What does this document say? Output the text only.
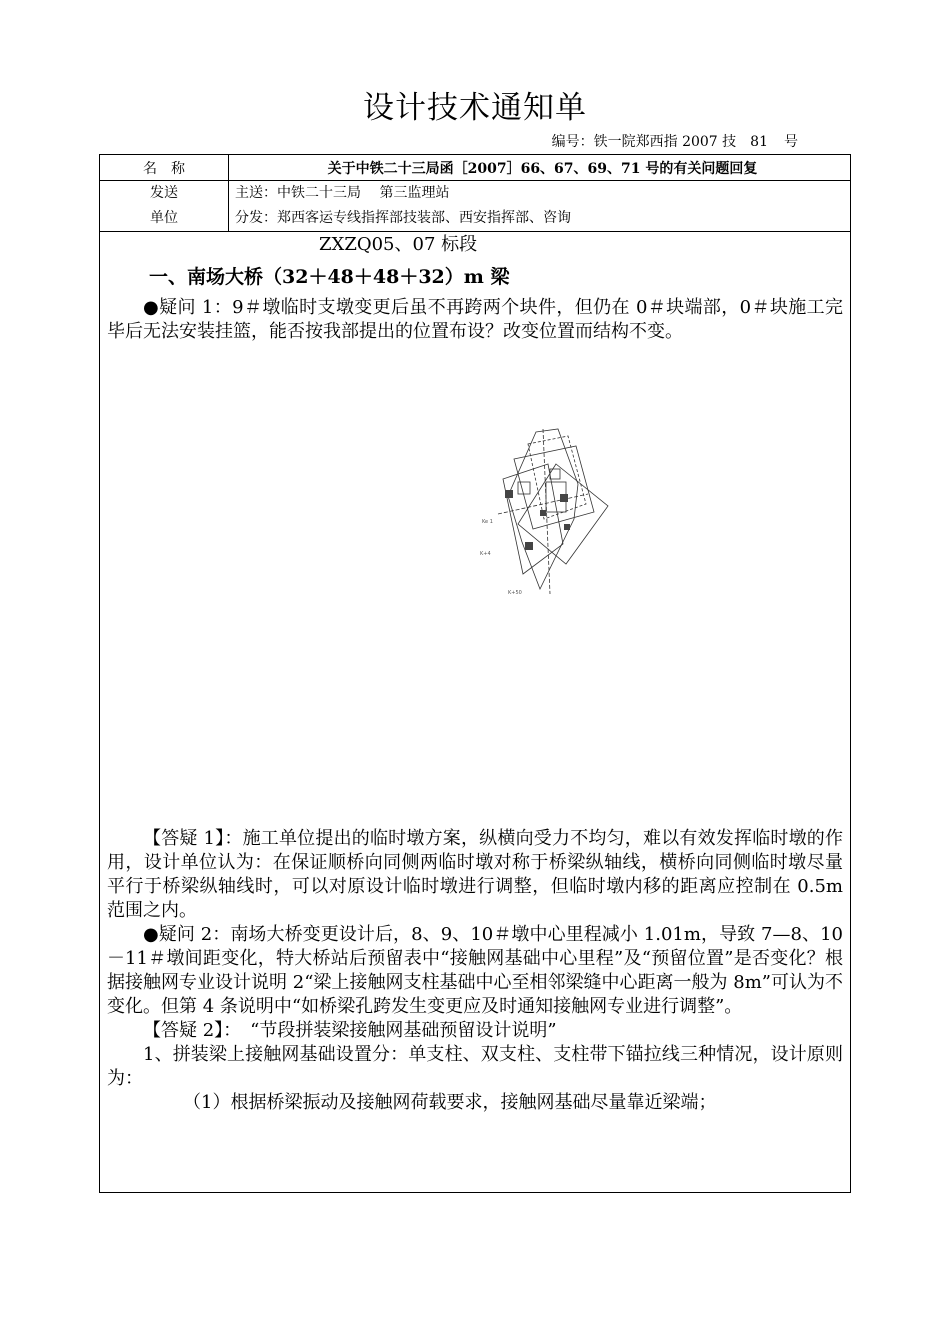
设计技术通知单
编号：铁一院郑西指 2007 技 81 号
名　称	关于中铁二十三局函［2007］66、67、69、71 号的有关问题回复

发送
单位	主送：中铁二十三局　 第三监理站
分发：郑西客运专线指挥部技装部、西安指挥部、咨询

ZXZQ05、07 标段

一、南场大桥（32＋48＋48＋32）m 梁

●疑问 1：9＃墩临时支墩变更后虽不再跨两个块件，但仍在 0＃块端部，0＃块施工完毕后无法安装挂篮，能否按我部提出的位置布设？改变位置而结构不变。

【答疑 1】：施工单位提出的临时墩方案，纵横向受力不均匀，难以有效发挥临时墩的作用，设计单位认为：在保证顺桥向同侧两临时墩对称于桥梁纵轴线，横桥向同侧临时墩尽量平行于桥梁纵轴线时，可以对原设计临时墩进行调整，但临时墩内移的距离应控制在 0.5m 范围之内。

●疑问 2：南场大桥变更设计后，8、9、10＃墩中心里程减小 1.01m，导致 7—8、10－11＃墩间距变化，特大桥站后预留表中“接触网基础中心里程”及“预留位置”是否变化？根据接触网专业设计说明 2“梁上接触网支柱基础中心至相邻梁缝中心距离一般为 8m”可认为不变化。但第 4 条说明中“如桥梁孔跨发生变更应及时通知接触网专业进行调整”。

【答疑 2】：　“节段拼装梁接触网基础预留设计说明”

1、拼装梁上接触网基础设置分：单支柱、双支柱、支柱带下锚拉线三种情况，设计原则为：

（1）根据桥梁振动及接触网荷载要求，接触网基础尽量靠近梁端；

Ke 1
K+4
K+50
